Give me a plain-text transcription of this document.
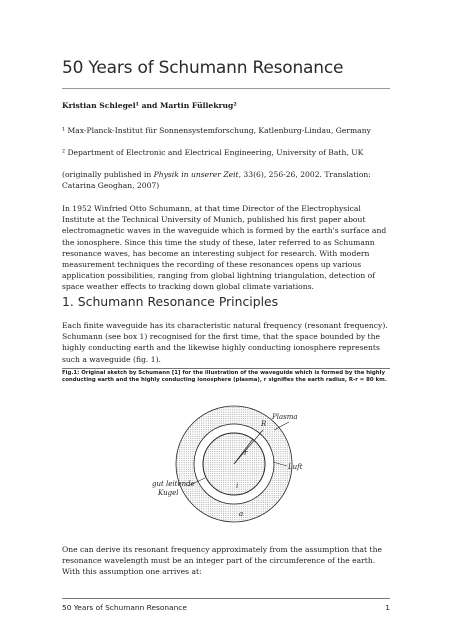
50 Years of Schumann Resonance

Kristian Schlegel¹ and Martin Füllekrug²

¹ Max-Planck-Institut für Sonnensystemforschung, Katlenburg-Lindau, Germany

² Department of Electronic and Electrical Engineering, University of Bath, UK

(originally published in Physik in unserer Zeit, 33(6), 256-26, 2002. Translation: Catarina Geoghan, 2007)

In 1952 Winfried Otto Schumann, at that time Director of the Electrophysical Institute at the Technical University of Munich, published his first paper about electromagnetic waves in the waveguide which is formed by the earth's surface and the ionosphere. Since this time the study of these, later referred to as Schumann resonance waves, has become an interesting subject for research. With modern measurement techniques the recording of these resonances opens up various application possibilities, ranging from global lightning triangulation, detection of space weather effects to tracking down global climate variations.

1. Schumann Resonance Principles

Each finite waveguide has its characteristic natural frequency (resonant frequency). Schumann (see box 1) recognised for the first time, that the space bounded by the highly conducting earth and the likewise highly conducting ionosphere represents such a waveguide (fig. 1).

Fig.1: Original sketch by Schumann [1] for the illustration of the waveguide which is formed by the highly conducting earth and the highly conducting ionosphere (plasma), r signifies the earth radius, R-r = 80 km.

Plasma
Luft
gut leitende
Kugel
r
R
i
a

One can derive its resonant frequency approximately from the assumption that the resonance wavelength must be an integer part of the circumference of the earth. With this assumption one arrives at:

50 Years of Schumann Resonance	1
